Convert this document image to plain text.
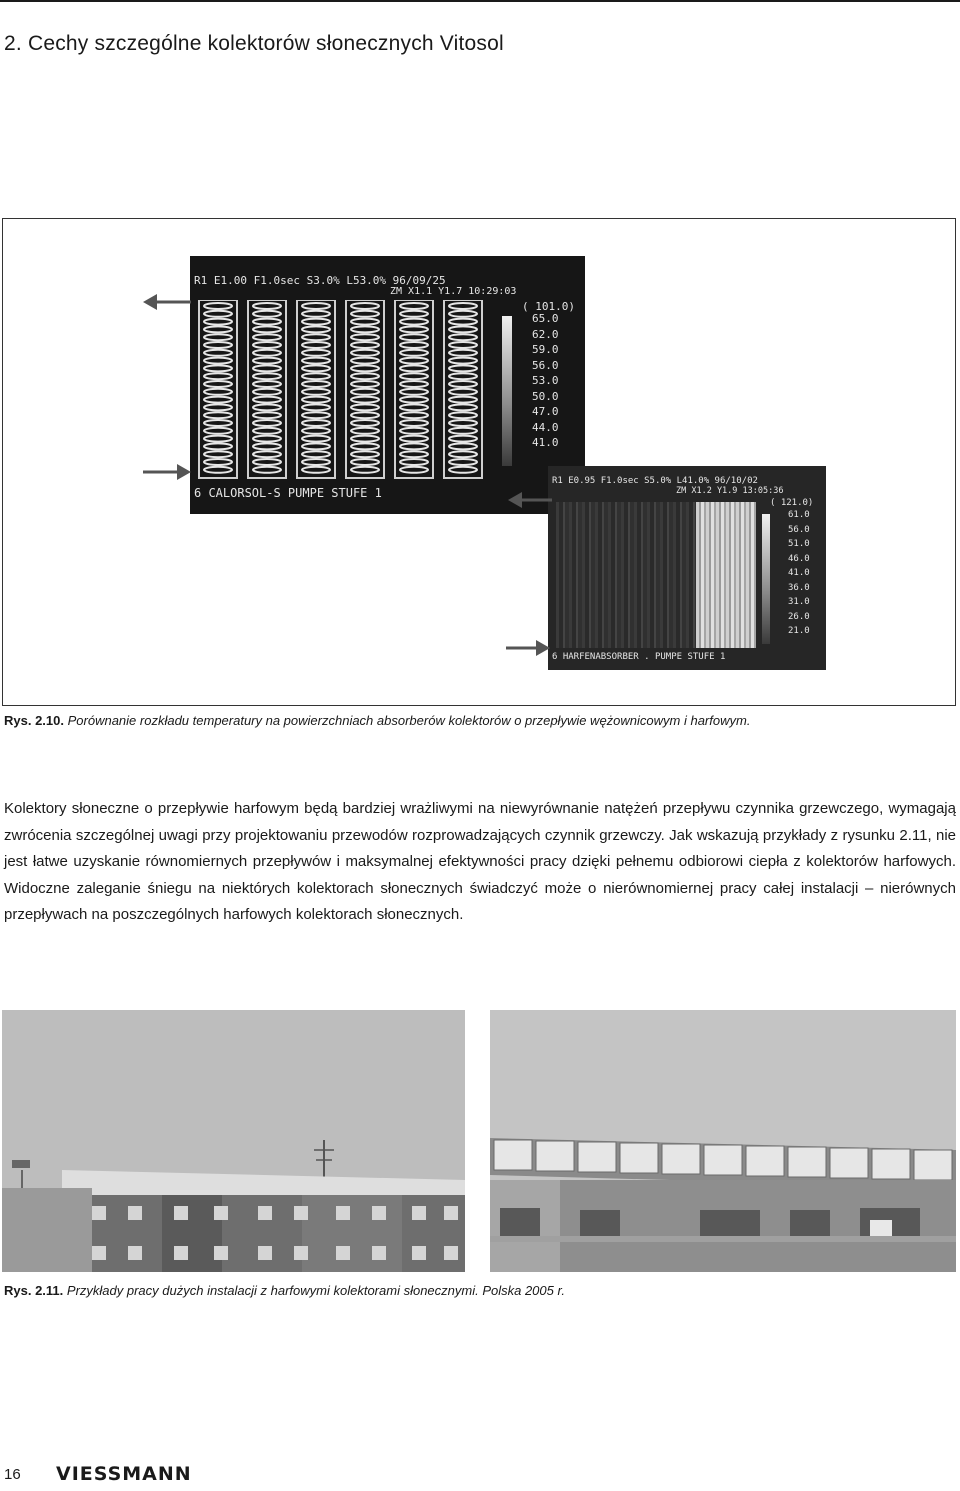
2. Cechy szczególne kolektorów słonecznych Vitosol
R1 E1.00 F1.0sec S3.0% L53.0% 96/09/25
ZM X1.1 Y1.7 10:29:03
( 101.0)
65.0
62.0
59.0
56.0
53.0
50.0
47.0
44.0
41.0
6 CALORSOL-S PUMPE STUFE 1
R1 E0.95 F1.0sec S5.0% L41.0% 96/10/02
ZM X1.2 Y1.9 13:05:36
( 121.0)
61.0
56.0
51.0
46.0
41.0
36.0
31.0
26.0
21.0
6 HARFENABSORBER . PUMPE STUFE 1
Rys. 2.10. Porównanie rozkładu temperatury na powierzchniach absorberów kolektorów o przepływie wężownicowym i harfowym.

Kolektory słoneczne o przepływie harfowym będą bardziej wrażliwymi na niewyrównanie natężeń przepływu czynnika grzewczego, wymagają zwrócenia szczególnej uwagi przy projektowaniu przewodów rozprowadzających czynnik grzewczy. Jak wskazują przykłady z rysunku 2.11, nie jest łatwe uzyskanie równomiernych przepływów i maksymalnej efektywności pracy dzięki pełnemu odbiorowi ciepła z kolektorów harfowych. Widoczne zaleganie śniegu na niektórych kolektorach słonecznych świadczyć może o nierównomiernej pracy całej instalacji – nierównych przepływach na poszczególnych harfowych kolektorach słonecznych.

Rys. 2.11. Przykłady pracy dużych instalacji z harfowymi kolektorami słonecznymi. Polska 2005 r.
16 VIESSMANN
